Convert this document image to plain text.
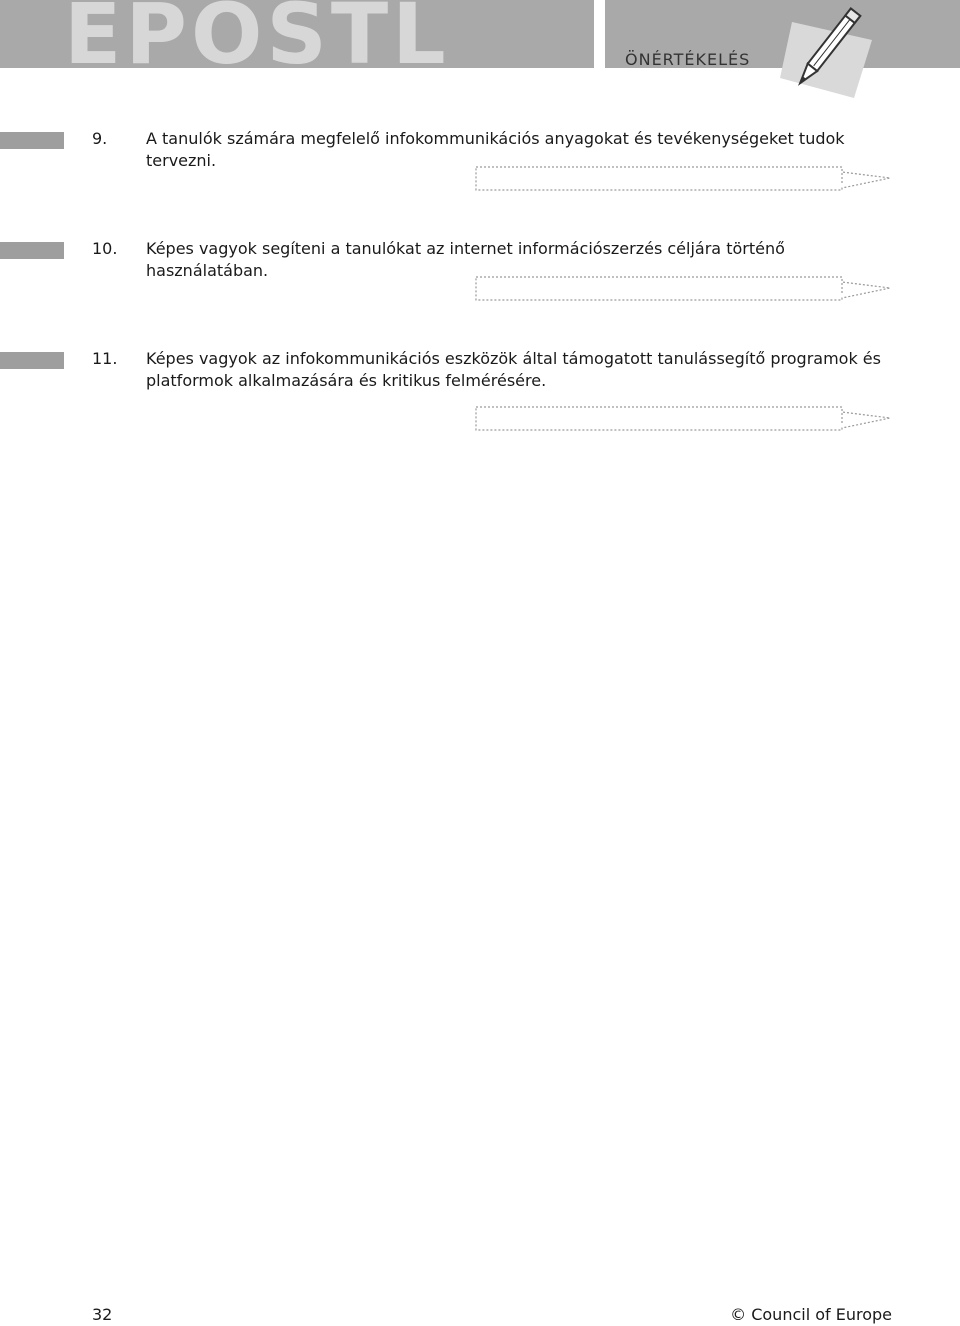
EPOSTL	ÖNÉRTÉKELÉS
9. A tanulók számára megfelelő infokommunikációs anyagokat és tevékenységeket tudok tervezni.
10. Képes vagyok segíteni a tanulókat az internet információszerzés céljára történő használatában.
11. Képes vagyok az infokommunikációs eszközök által támogatott tanulássegítő programok és platformok alkalmazására és kritikus felmérésére.
32	© Council of Europe
